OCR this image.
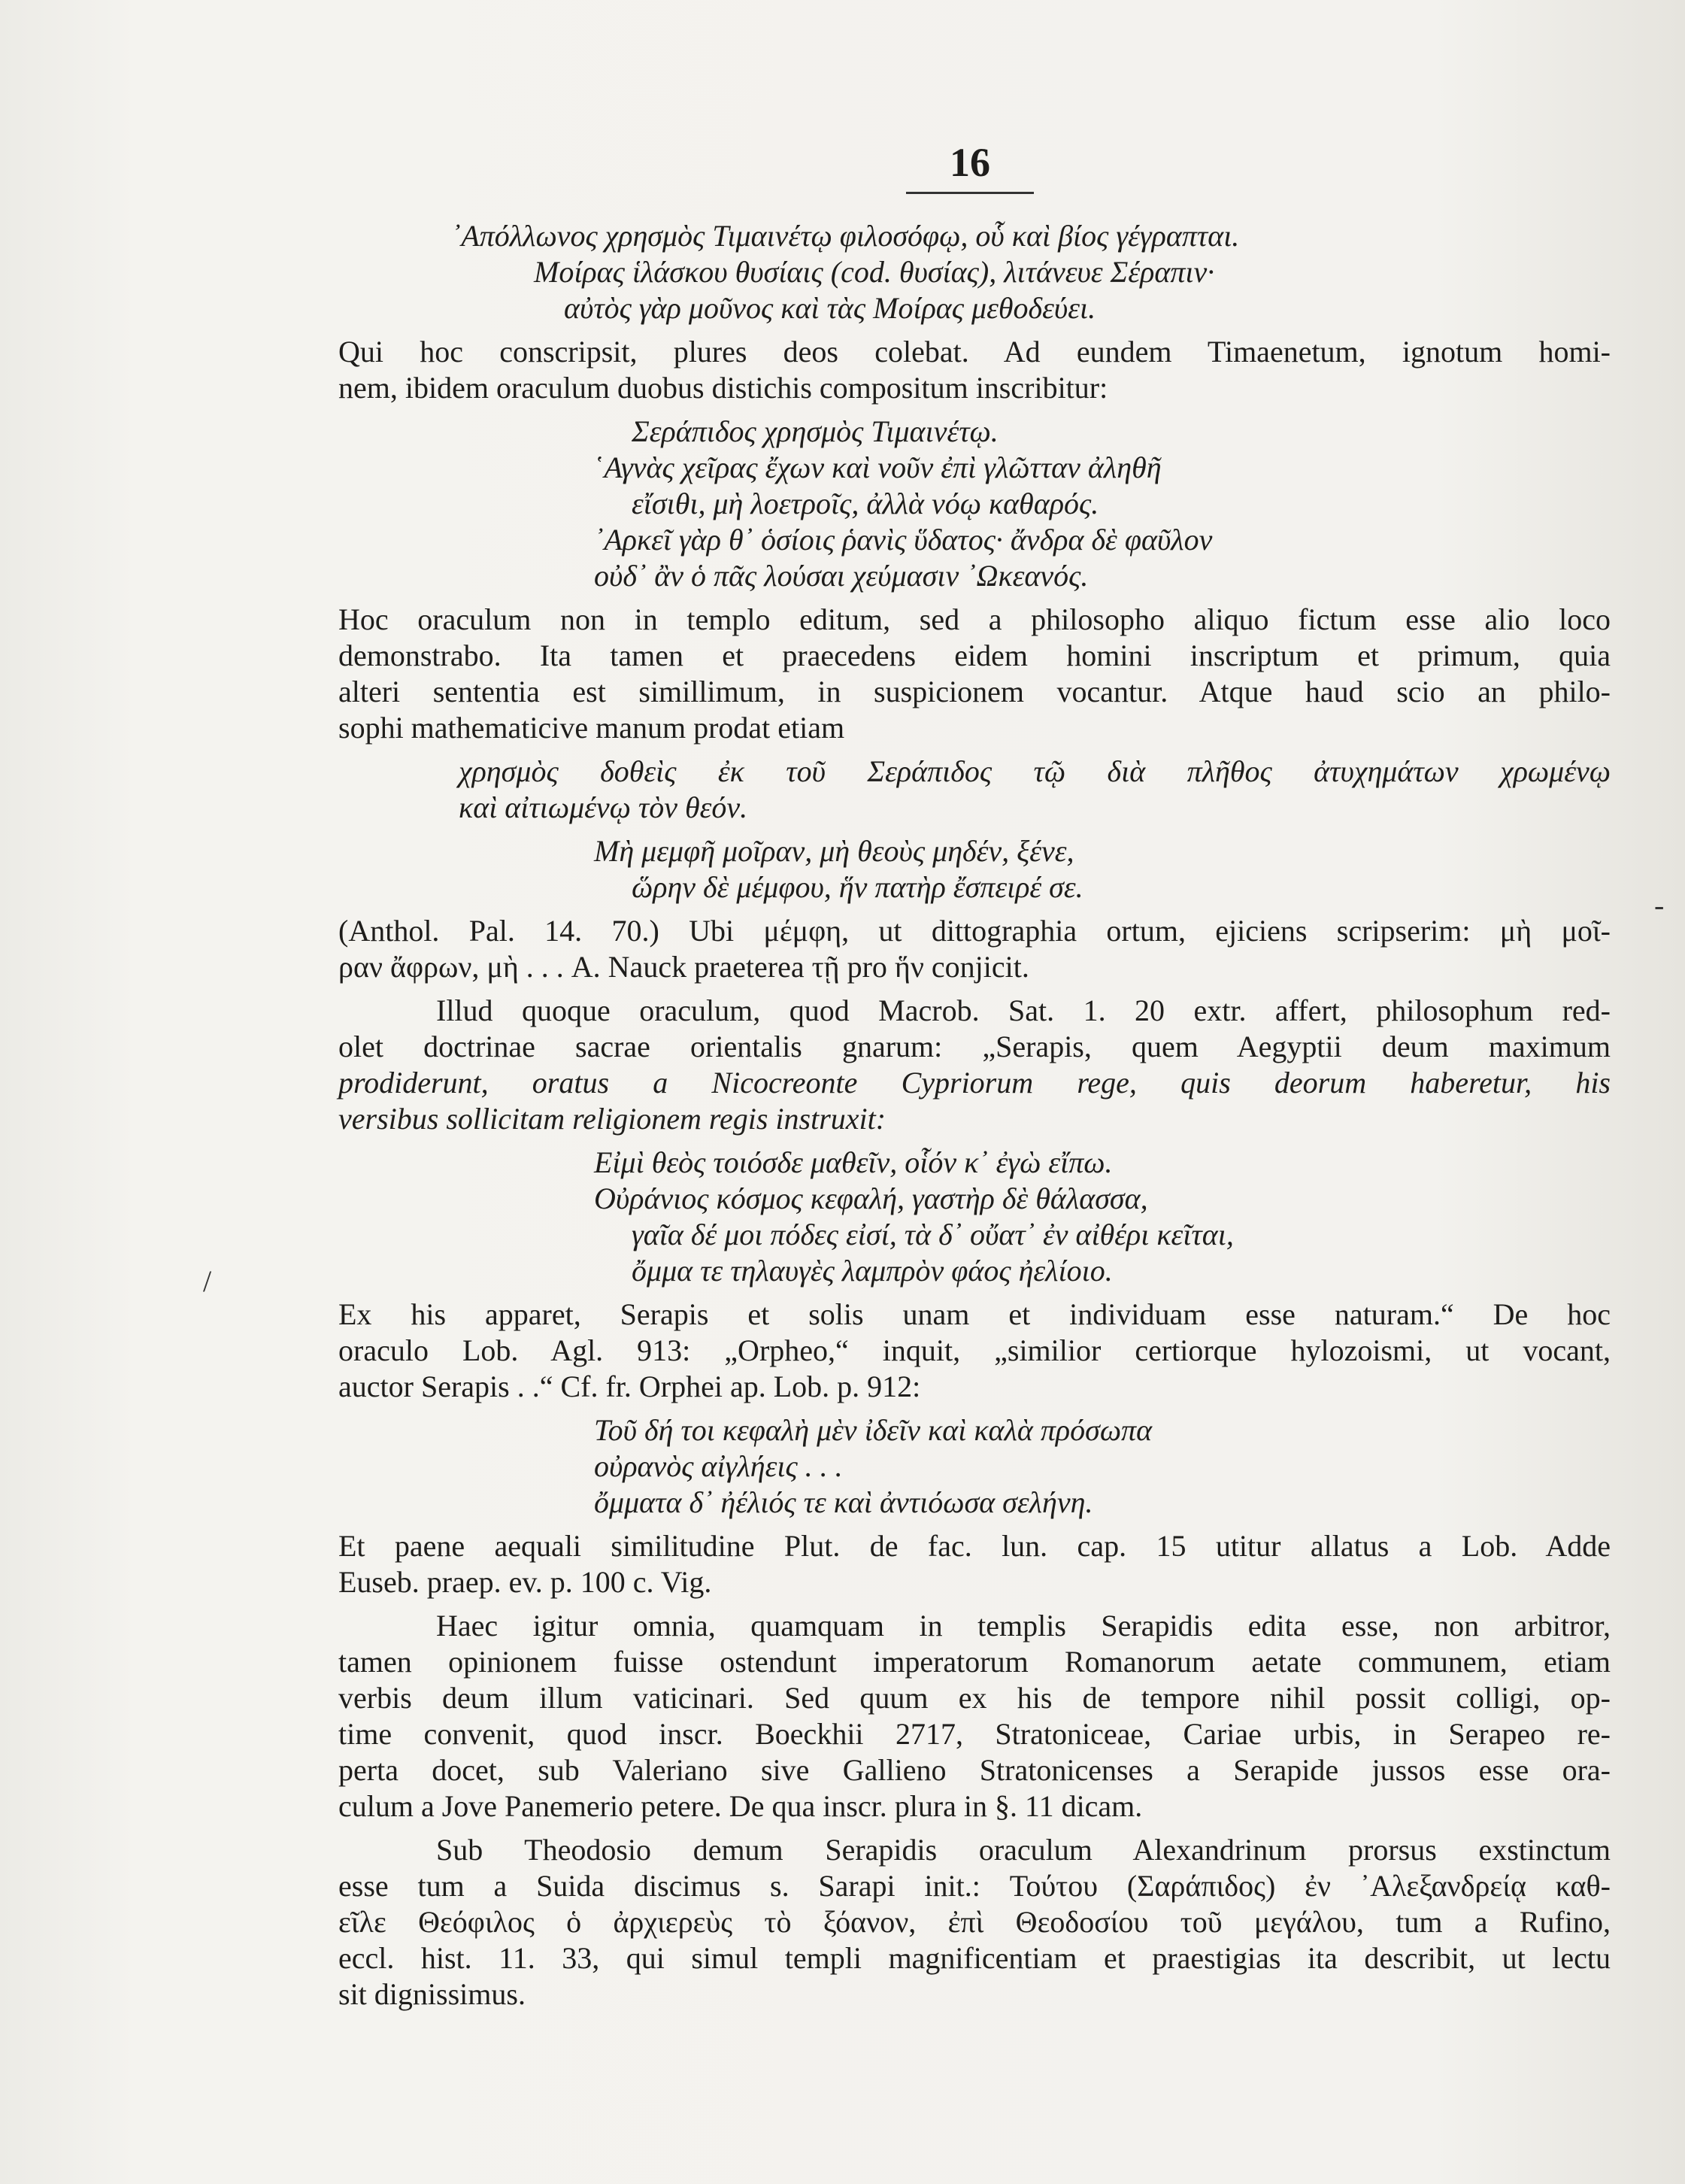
16
᾿Απόλλωνος χρησμὸς Τιμαινέτῳ φιλοσόφῳ, οὗ καὶ βίος γέγραπται.
Μοίρας ἱλάσκου θυσίαις (cod. θυσίας), λιτάνευε Σέραπιν·
αὐτὸς γὰρ μοῦνος καὶ τὰς Μοίρας μεθοδεύει.
Qui hoc conscripsit, plures deos colebat. Ad eundem Timaenetum, ignotum homi-
nem, ibidem oraculum duobus distichis compositum inscribitur:
Σεράπιδος χρησμὸς Τιμαινέτῳ.
῾Αγνὰς χεῖρας ἔχων καὶ νοῦν ἐπὶ γλῶτταν ἀληθῆ
εἴσιθι, μὴ λοετροῖς, ἀλλὰ νόῳ καθαρός.
᾿Αρκεῖ γὰρ θ᾿ ὁσίοις ῥανὶς ὕδατος· ἄνδρα δὲ φαῦλον
οὐδ᾿ ἂν ὁ πᾶς λούσαι χεύμασιν ᾿Ωκεανός.
Hoc oraculum non in templo editum, sed a philosopho aliquo fictum esse alio loco
demonstrabo. Ita tamen et praecedens eidem homini inscriptum et primum, quia
alteri sententia est simillimum, in suspicionem vocantur. Atque haud scio an philo-
sophi mathematicive manum prodat etiam
χρησμὸς δοθεὶς ἐκ τοῦ Σεράπιδος τῷ διὰ πλῆθος ἀτυχημάτων χρωμένῳ
καὶ αἰτιωμένῳ τὸν θεόν.
Μὴ μεμφῆ μοῖραν, μὴ θεοὺς μηδέν, ξένε,
ὥρην δὲ μέμφου, ἥν πατὴρ ἔσπειρέ σε.
(Anthol. Pal. 14. 70.) Ubi μέμφη, ut dittographia ortum, ejiciens scripserim: μὴ μοῖ-
ραν ἄφρων, μὴ . . . A. Nauck praeterea τῇ pro ἥν conjicit.
Illud quoque oraculum, quod Macrob. Sat. 1. 20 extr. affert, philosophum red-
olet doctrinae sacrae orientalis gnarum: „Serapis, quem Aegyptii deum maximum
prodiderunt, oratus a Nicocreonte Cypriorum rege, quis deorum haberetur, his
versibus sollicitam religionem regis instruxit:
Εἰμὶ θεὸς τοιόσδε μαθεῖν, οἷόν κ᾿ ἐγὼ εἴπω.
Οὐράνιος κόσμος κεφαλή, γαστὴρ δὲ θάλασσα,
γαῖα δέ μοι πόδες εἰσί, τὰ δ᾿ οὔατ᾿ ἐν αἰθέρι κεῖται,
ὄμμα τε τηλαυγὲς λαμπρὸν φάος ἠελίοιο.
Ex his apparet, Serapis et solis unam et individuam esse naturam.“ De hoc
oraculo Lob. Agl. 913: „Orpheo,“ inquit, „similior certiorque hylozoismi, ut vocant,
auctor Serapis . .“ Cf. fr. Orphei ap. Lob. p. 912:
Τοῦ δή τοι κεφαλὴ μὲν ἰδεῖν καὶ καλὰ πρόσωπα
οὐρανὸς αἰγλήεις . . .
ὄμματα δ᾿ ἠέλιός τε καὶ ἀντιόωσα σελήνη.
Et paene aequali similitudine Plut. de fac. lun. cap. 15 utitur allatus a Lob. Adde
Euseb. praep. ev. p. 100 c. Vig.
Haec igitur omnia, quamquam in templis Serapidis edita esse, non arbitror,
tamen opinionem fuisse ostendunt imperatorum Romanorum aetate communem, etiam
verbis deum illum vaticinari. Sed quum ex his de tempore nihil possit colligi, op-
time convenit, quod inscr. Boeckhii 2717, Stratoniceae, Cariae urbis, in Serapeo re-
perta docet, sub Valeriano sive Gallieno Stratonicenses a Serapide jussos esse ora-
culum a Jove Panemerio petere. De qua inscr. plura in §. 11 dicam.
Sub Theodosio demum Serapidis oraculum Alexandrinum prorsus exstinctum
esse tum a Suida discimus s. Sarapi init.: Τούτου (Σαράπιδος) ἐν ᾿Αλεξανδρείᾳ καθ-
εῖλε Θεόφιλος ὁ ἀρχιερεὺς τὸ ξόανον, ἐπὶ Θεοδοσίου τοῦ μεγάλου, tum a Rufino,
eccl. hist. 11. 33, qui simul templi magnificentiam et praestigias ita describit, ut lectu
sit dignissimus.
-
/
